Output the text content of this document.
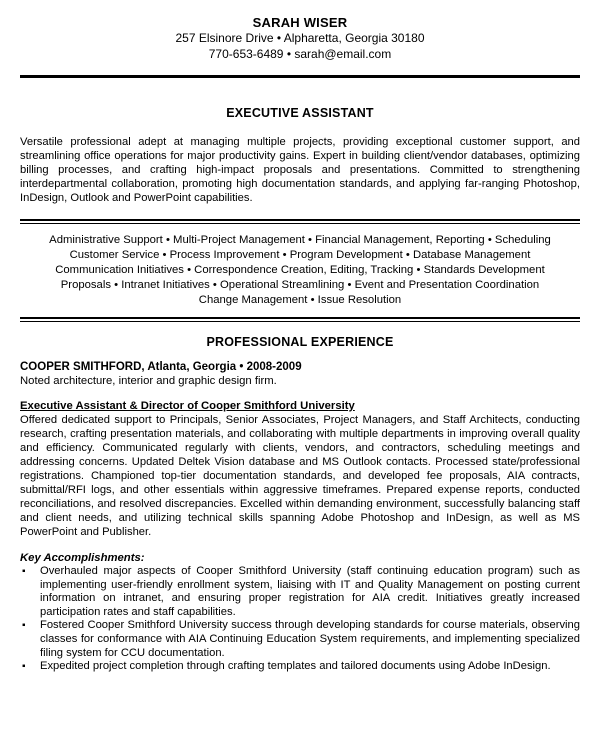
SARAH WISER
257 Elsinore Drive • Alpharetta, Georgia 30180
770-653-6489 • sarah@email.com
EXECUTIVE ASSISTANT
Versatile professional adept at managing multiple projects, providing exceptional customer support, and streamlining office operations for major productivity gains. Expert in building client/vendor databases, optimizing billing processes, and crafting high-impact proposals and presentations. Committed to strengthening interdepartmental collaboration, promoting high documentation standards, and applying far-ranging Photoshop, InDesign, Outlook and PowerPoint capabilities.
Administrative Support • Multi-Project Management • Financial Management, Reporting • Scheduling
Customer Service • Process Improvement • Program Development • Database Management
Communication Initiatives • Correspondence Creation, Editing, Tracking • Standards Development
Proposals • Intranet Initiatives • Operational Streamlining • Event and Presentation Coordination
Change Management • Issue Resolution
PROFESSIONAL EXPERIENCE
COOPER SMITHFORD, Atlanta, Georgia • 2008-2009
Noted architecture, interior and graphic design firm.
Executive Assistant & Director of Cooper Smithford University
Offered dedicated support to Principals, Senior Associates, Project Managers, and Staff Architects, conducting research, crafting presentation materials, and collaborating with multiple departments in improving overall quality and efficiency. Communicated regularly with clients, vendors, and contractors, scheduling meetings and addressing concerns. Updated Deltek Vision database and MS Outlook contacts. Processed state/professional registrations. Championed top-tier documentation standards, and developed fee proposals, AIA contracts, submittal/RFI logs, and other essentials within aggressive timeframes. Prepared expense reports, conducted reconciliations, and resolved discrepancies. Excelled within demanding environment, successfully balancing staff and client needs, and utilizing technical skills spanning Adobe Photoshop and InDesign, as well as MS PowerPoint and Publisher.
Key Accomplishments:
▪ Overhauled major aspects of Cooper Smithford University (staff continuing education program) such as implementing user-friendly enrollment system, liaising with IT and Quality Management on posting current information on intranet, and ensuring proper registration for AIA credit. Initiatives greatly increased participation rates and staff capabilities.
▪ Fostered Cooper Smithford University success through developing standards for course materials, observing classes for conformance with AIA Continuing Education System requirements, and implementing specialized filing system for CCU documentation.
▪ Expedited project completion through crafting templates and tailored documents using Adobe InDesign.
